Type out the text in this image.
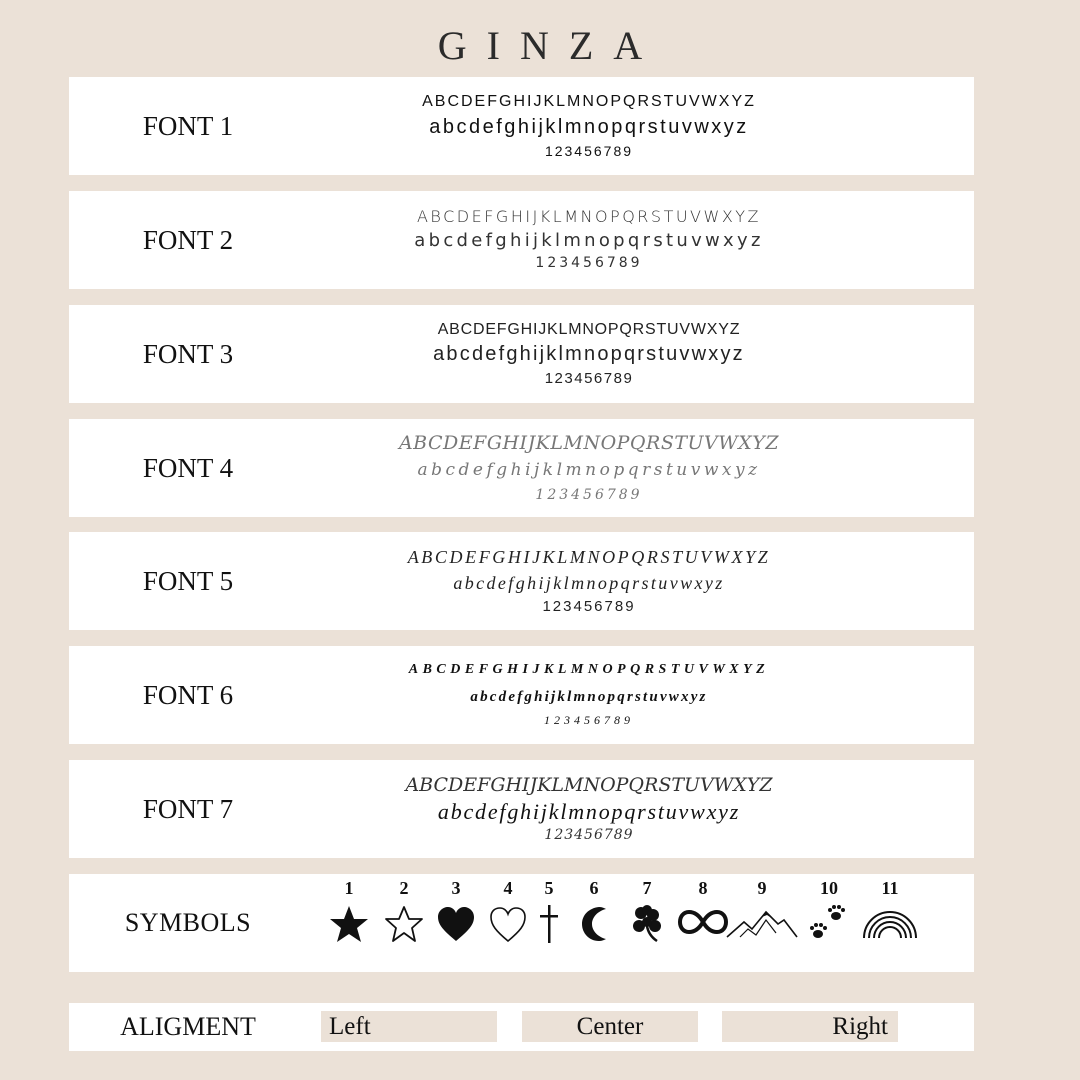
GINZA
FONT 1
ABCDEFGHIJKLMNOPQRSTUVWXYZ
abcdefghijklmnopqrstuvwxyz
123456789
FONT 2
ABCDEFGHIJKLMNOPQRSTUVWXYZ
abcdefghijklmnopqrstuvwxyz
123456789
FONT 3
ABCDEFGHIJKLMNOPQRSTUVWXYZ
abcdefghijklmnopqrstuvwxyz
123456789
FONT 4
ABCDEFGHIJKLMNOPQRSTUVWXYZ
abcdefghijklmnopqrstuvwxyz
123456789
FONT 5
ABCDEFGHIJKLMNOPQRSTUVWXYZ
abcdefghijklmnopqrstuvwxyz
123456789
FONT 6
ABCDEFGHIJKLMNOPQRSTUVWXYZ
abcdefghijklmnopqrstuvwxyz
123456789
FONT 7
ABCDEFGHIJKLMNOPQRSTUVWXYZ
abcdefghijklmnopqrstuvwxyz
123456789
SYMBOLS
1	2 3 4 5 6 7	8	9	10 11
ALIGMENT	Left	Center	Right
